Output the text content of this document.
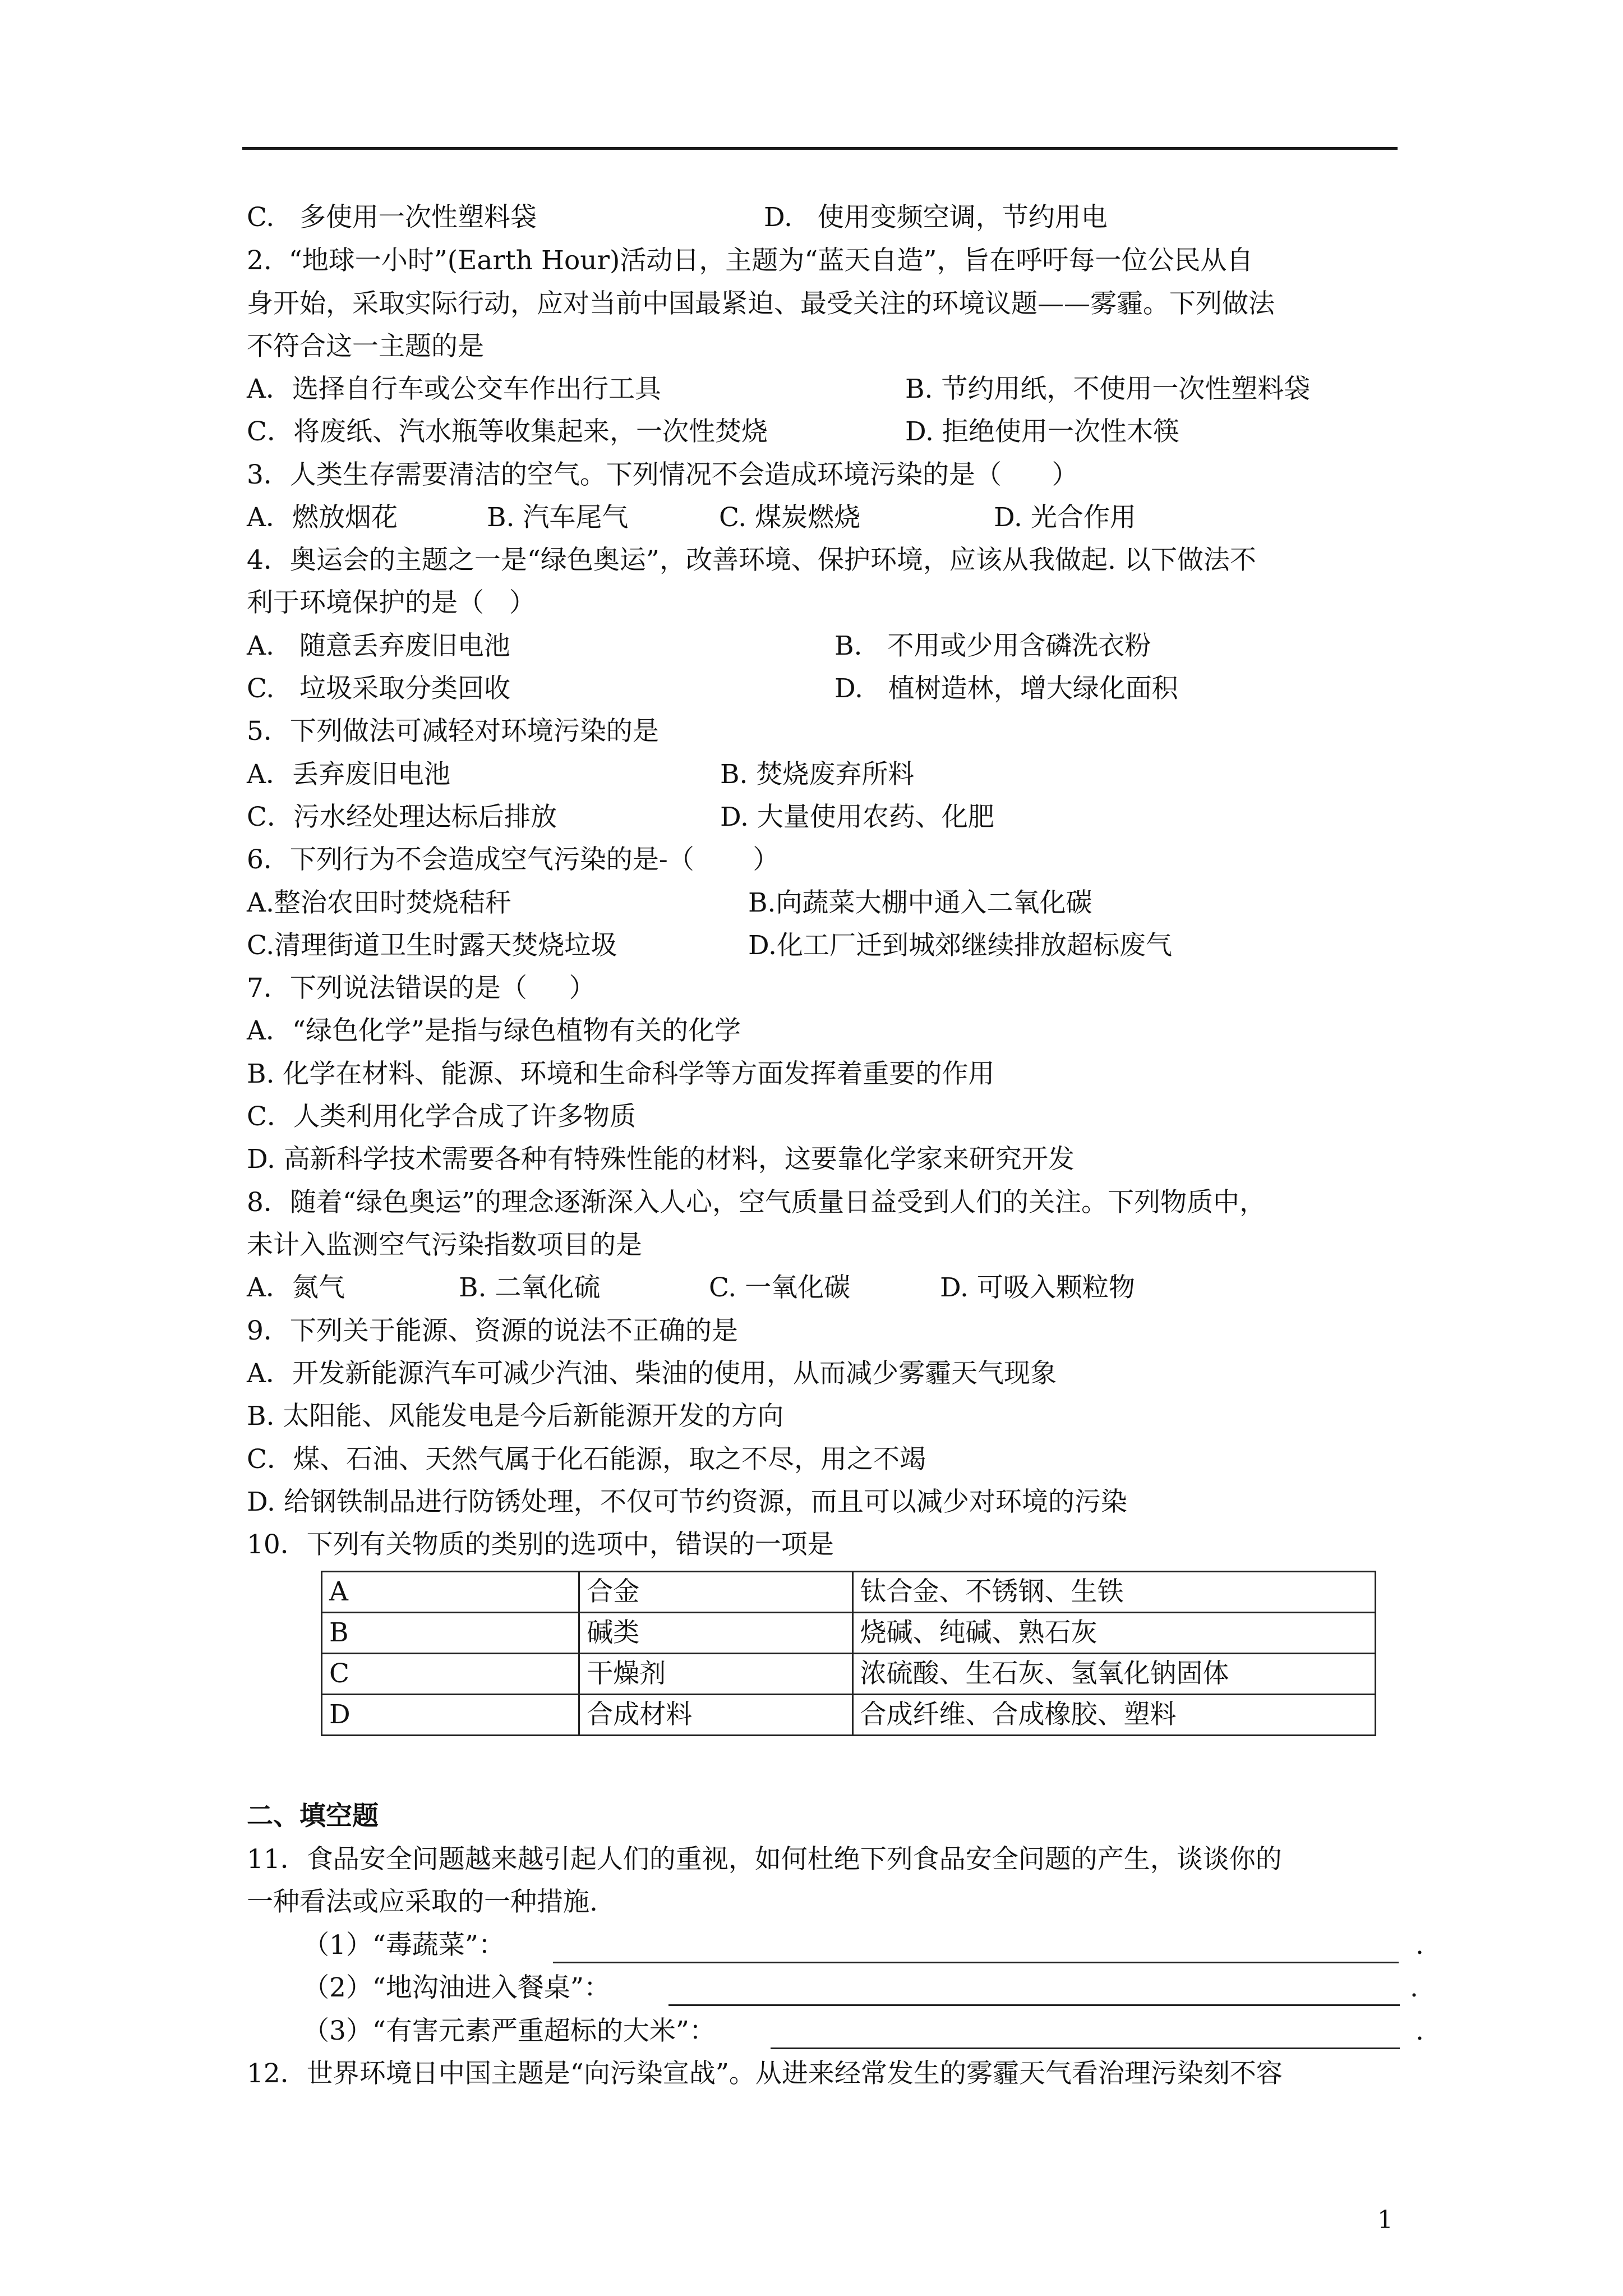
C.   多使用一次性塑料袋	D.   使用变频空调，节约用电
2.  “地球一小时”(Earth Hour)活动日，主题为“蓝天自造”，旨在呼吁每一位公民从自
身开始，采取实际行动，应对当前中国最紧迫、最受关注的环境议题——雾霾。下列做法
不符合这一主题的是
A．选择自行车或公交车作出行工具	B. 节约用纸，不使用一次性塑料袋
C．将废纸、汽水瓶等收集起来，一次性焚烧	D. 拒绝使用一次性木筷
3．人类生存需要清洁的空气。下列情况不会造成环境污染的是（      ）
A．燃放烟花	B. 汽车尾气	C. 煤炭燃烧	D. 光合作用
4．奥运会的主题之一是“绿色奥运”，改善环境、保护环境，应该从我做起. 以下做法不
利于环境保护的是（   ）
A.   随意丢弃废旧电池	B.   不用或少用含磷洗衣粉
C.   垃圾采取分类回收	D.   植树造林，增大绿化面积
5．下列做法可减轻对环境污染的是
A．丢弃废旧电池	B. 焚烧废弃所料
C．污水经处理达标后排放	D. 大量使用农药、化肥
6．下列行为不会造成空气污染的是-（       ）
A.整治农田时焚烧秸秆	B.向蔬菜大棚中通入二氧化碳
C.清理街道卫生时露天焚烧垃圾	D.化工厂迁到城郊继续排放超标废气
7．下列说法错误的是（     ）
A．“绿色化学”是指与绿色植物有关的化学
B. 化学在材料、能源、环境和生命科学等方面发挥着重要的作用
C．人类利用化学合成了许多物质
D. 高新科学技术需要各种有特殊性能的材料，这要靠化学家来研究开发
8．随着“绿色奥运”的理念逐渐深入人心，空气质量日益受到人们的关注。下列物质中，
未计入监测空气污染指数项目的是
A．氮气	B. 二氧化硫	C. 一氧化碳	D. 可吸入颗粒物
9．下列关于能源、资源的说法不正确的是
A．开发新能源汽车可减少汽油、柴油的使用，从而减少雾霾天气现象
B. 太阳能、风能发电是今后新能源开发的方向
C．煤、石油、天然气属于化石能源，取之不尽，用之不竭
D. 给钢铁制品进行防锈处理，不仅可节约资源，而且可以减少对环境的污染
10．下列有关物质的类别的选项中，错误的一项是
A	合金	钛合金、不锈钢、生铁
B	碱类	烧碱、纯碱、熟石灰
C	干燥剂	浓硫酸、生石灰、氢氧化钠固体
D	合成材料	合成纤维、合成橡胶、塑料
二、填空题
11．食品安全问题越来越引起人们的重视，如何杜绝下列食品安全问题的产生，谈谈你的
一种看法或应采取的一种措施.
（1）“毒蔬菜”：	.
（2）“地沟油进入餐桌”：	.
（3）“有害元素严重超标的大米”：	.
12．世界环境日中国主题是“向污染宣战”。从进来经常发生的雾霾天气看治理污染刻不容
1
